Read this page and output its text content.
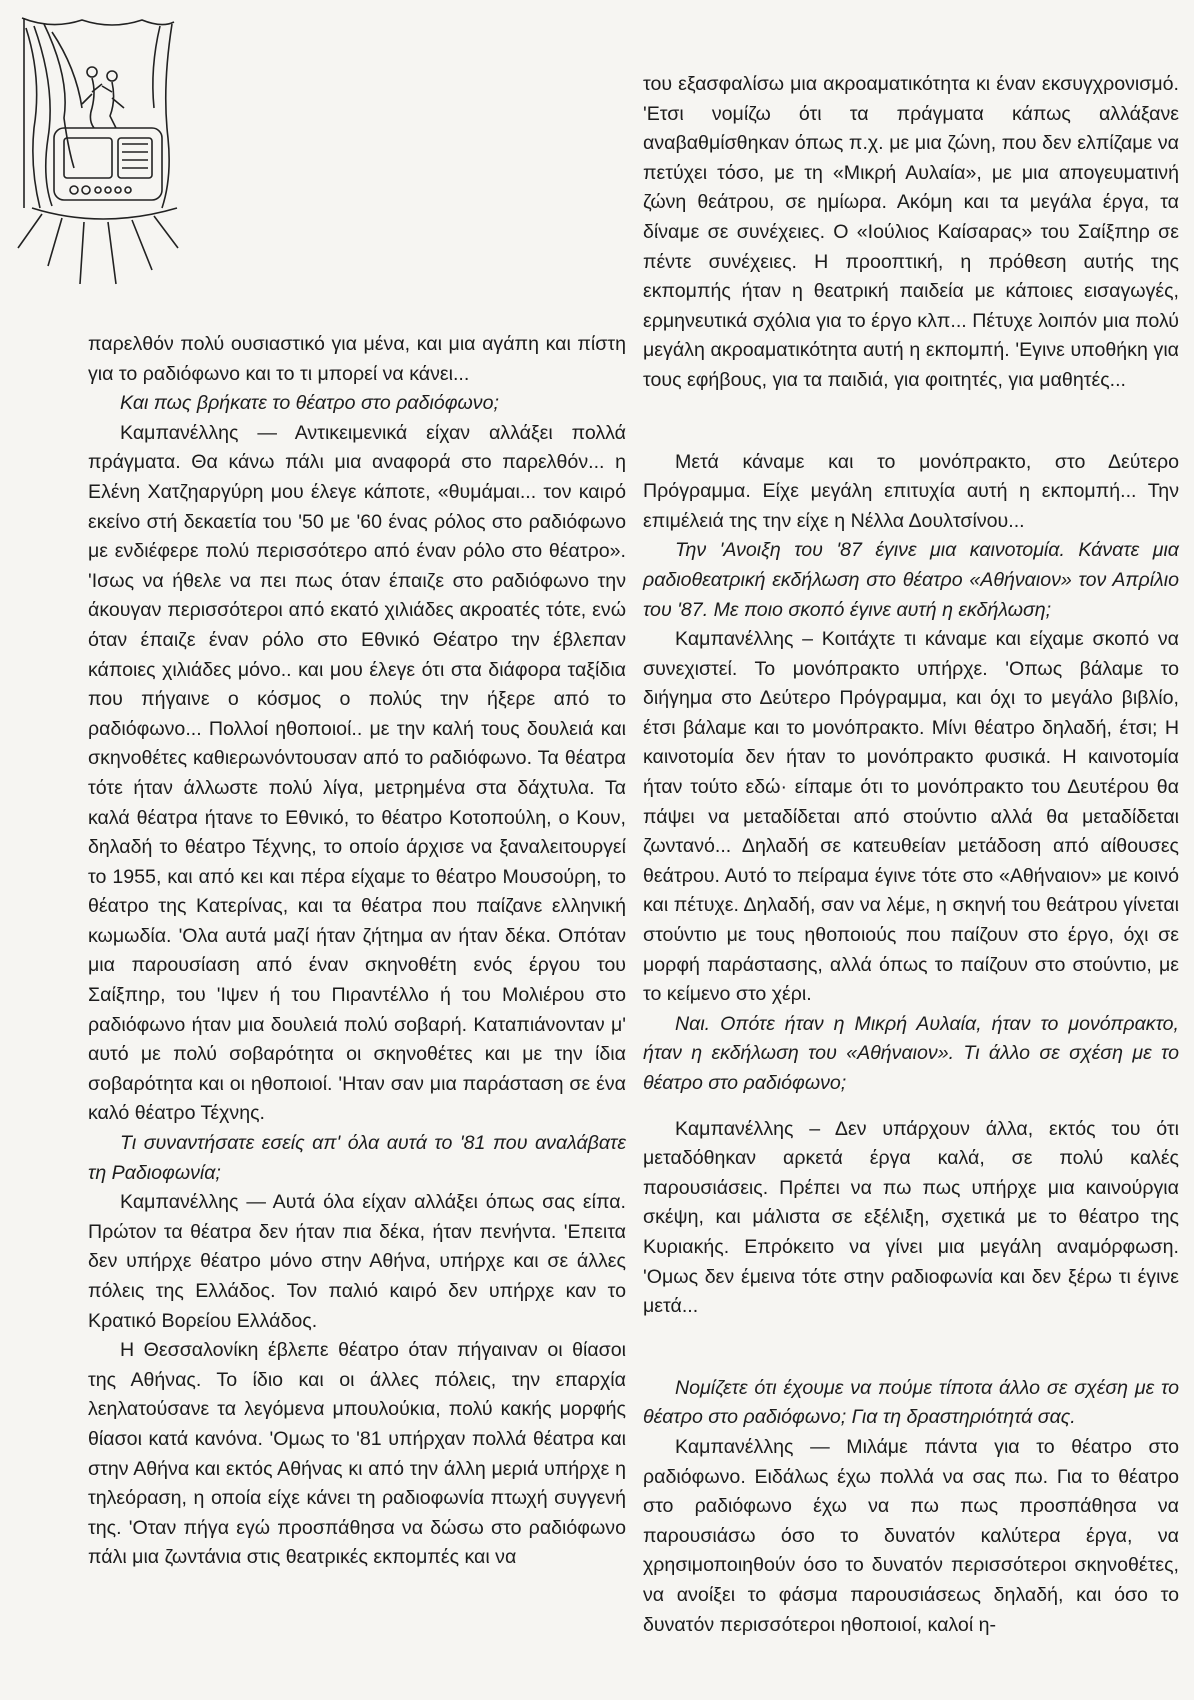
παρελθόν πολύ ουσιαστικό για μένα, και μια αγάπη και πίστη για το ραδιόφωνο και το τι μπορεί να κάνει...

Και πως βρήκατε το θέατρο στο ραδιόφωνο;

Καμπανέλλης — Αντικειμενικά είχαν αλλάξει πολλά πράγματα. Θα κάνω πάλι μια αναφορά στο παρελθόν... η Ελένη Χατζηαργύρη μου έλεγε κάποτε, «θυμάμαι... τον καιρό εκείνο στή δεκαετία του '50 με '60 ένας ρόλος στο ραδιόφωνο με ενδιέφερε πολύ περισσότερο από έναν ρόλο στο θέατρο». 'Ισως να ήθελε να πει πως όταν έπαιζε στο ραδιόφωνο την άκουγαν περισσότεροι από εκατό χιλιάδες ακροατές τότε, ενώ όταν έπαιζε έναν ρόλο στο Εθνικό Θέατρο την έβλεπαν κάποιες χιλιάδες μόνο.. και μου έλεγε ότι στα διάφορα ταξίδια που πήγαινε ο κόσμος ο πολύς την ήξερε από το ραδιόφωνο... Πολλοί ηθοποιοί.. με την καλή τους δουλειά και σκηνοθέτες καθιερωνόντουσαν από το ραδιόφωνο. Τα θέατρα τότε ήταν άλλωστε πολύ λίγα, μετρημένα στα δάχτυλα. Τα καλά θέατρα ήτανε το Εθνικό, το θέατρο Κοτοπούλη, ο Κουν, δηλαδή το θέατρο Τέχνης, το οποίο άρχισε να ξαναλειτουργεί το 1955, και από κει και πέρα είχαμε το θέατρο Μουσούρη, το θέατρο της Κατερίνας, και τα θέατρα που παίζανε ελληνική κωμωδία. 'Ολα αυτά μαζί ήταν ζήτημα αν ήταν δέκα. Οπόταν μια παρουσίαση από έναν σκηνοθέτη ενός έργου του Σαίξπηρ, του 'Ιψεν ή του Πιραντέλλο ή του Μολιέρου στο ραδιόφωνο ήταν μια δουλειά πολύ σοβαρή. Καταπιάνονταν μ' αυτό με πολύ σοβαρότητα οι σκηνοθέτες και με την ίδια σοβαρότητα και οι ηθοποιοί. 'Ηταν σαν μια παράσταση σε ένα καλό θέατρο Τέχνης.

Τι συναντήσατε εσείς απ' όλα αυτά το '81 που αναλάβατε τη Ραδιοφωνία;

Καμπανέλλης — Αυτά όλα είχαν αλλάξει όπως σας είπα. Πρώτον τα θέατρα δεν ήταν πια δέκα, ήταν πενήντα. 'Επειτα δεν υπήρχε θέατρο μόνο στην Αθήνα, υπήρχε και σε άλλες πόλεις της Ελλάδος. Τον παλιό καιρό δεν υπήρχε καν το Κρατικό Βορείου Ελλάδος.

Η Θεσσαλονίκη έβλεπε θέατρο όταν πήγαιναν οι θίασοι της Αθήνας. Το ίδιο και οι άλλες πόλεις, την επαρχία λεηλατούσανε τα λεγόμενα μπουλούκια, πολύ κακής μορφής θίασοι κατά κανόνα. 'Ομως το '81 υπήρχαν πολλά θέατρα και στην Αθήνα και εκτός Αθήνας κι από την άλλη μεριά υπήρχε η τηλεόραση, η οποία είχε κάνει τη ραδιοφωνία πτωχή συγγενή της. 'Οταν πήγα εγώ προσπάθησα να δώσω στο ραδιόφωνο πάλι μια ζωντάνια στις θεατρικές εκπομπές και να

του εξασφαλίσω μια ακροαματικότητα κι έναν εκσυγχρονισμό. 'Ετσι νομίζω ότι τα πράγματα κάπως αλλάξανε αναβαθμίσθηκαν όπως π.χ. με μια ζώνη, που δεν ελπίζαμε να πετύχει τόσο, με τη «Μικρή Αυλαία», με μια απογευματινή ζώνη θεάτρου, σε ημίωρα. Ακόμη και τα μεγάλα έργα, τα δίναμε σε συνέχειες. Ο «Ιούλιος Καίσαρας» του Σαίξπηρ σε πέντε συνέχειες. Η προοπτική, η πρόθεση αυτής της εκπομπής ήταν η θεατρική παιδεία με κάποιες εισαγωγές, ερμηνευτικά σχόλια για το έργο κλπ... Πέτυχε λοιπόν μια πολύ μεγάλη ακροαματικότητα αυτή η εκπομπή. 'Εγινε υποθήκη για τους εφήβους, για τα παιδιά, για φοιτητές, για μαθητές...

Μετά κάναμε και το μονόπρακτο, στο Δεύτερο Πρόγραμμα. Είχε μεγάλη επιτυχία αυτή η εκπομπή... Την επιμέλειά της την είχε η Νέλλα Δουλτσίνου...

Την 'Ανοιξη του '87 έγινε μια καινοτομία. Κάνατε μια ραδιοθεατρική εκδήλωση στο θέατρο «Αθήναιον» τον Απρίλιο του '87. Με ποιο σκοπό έγινε αυτή η εκδήλωση;

Καμπανέλλης – Κοιτάχτε τι κάναμε και είχαμε σκοπό να συνεχιστεί. Το μονόπρακτο υπήρχε. 'Οπως βάλαμε το διήγημα στο Δεύτερο Πρόγραμμα, και όχι το μεγάλο βιβλίο, έτσι βάλαμε και το μονόπρακτο. Μίνι θέατρο δηλαδή, έτσι; Η καινοτομία δεν ήταν το μονόπρακτο φυσικά. Η καινοτομία ήταν τούτο εδώ· είπαμε ότι το μονόπρακτο του Δευτέρου θα πάψει να μεταδίδεται από στούντιο αλλά θα μεταδίδεται ζωντανό... Δηλαδή σε κατευθείαν μετάδοση από αίθουσες θεάτρου. Αυτό το πείραμα έγινε τότε στο «Αθήναιον» με κοινό και πέτυχε. Δηλαδή, σαν να λέμε, η σκηνή του θεάτρου γίνεται στούντιο με τους ηθοποιούς που παίζουν στο έργο, όχι σε μορφή παράστασης, αλλά όπως το παίζουν στο στούντιο, με το κείμενο στο χέρι.

Ναι. Οπότε ήταν η Μικρή Αυλαία, ήταν το μονόπρακτο, ήταν η εκδήλωση του «Αθήναιον». Τι άλλο σε σχέση με το θέατρο στο ραδιόφωνο;

Καμπανέλλης – Δεν υπάρχουν άλλα, εκτός του ότι μεταδόθηκαν αρκετά έργα καλά, σε πολύ καλές παρουσιάσεις. Πρέπει να πω πως υπήρχε μια καινούργια σκέψη, και μάλιστα σε εξέλιξη, σχετικά με το θέατρο της Κυριακής. Επρόκειτο να γίνει μια μεγάλη αναμόρφωση. 'Ομως δεν έμεινα τότε στην ραδιοφωνία και δεν ξέρω τι έγινε μετά...

Νομίζετε ότι έχουμε να πούμε τίποτα άλλο σε σχέση με το θέατρο στο ραδιόφωνο; Για τη δραστηριότητά σας.

Καμπανέλλης — Μιλάμε πάντα για το θέατρο στο ραδιόφωνο. Ειδάλως έχω πολλά να σας πω. Για το θέατρο στο ραδιόφωνο έχω να πω πως προσπάθησα να παρουσιάσω όσο το δυνατόν καλύτερα έργα, να χρησιμοποιηθούν όσο το δυνατόν περισσότεροι σκηνοθέτες, να ανοίξει το φάσμα παρουσιάσεως δηλαδή, και όσο το δυνατόν περισσότεροι ηθοποιοί, καλοί η-
